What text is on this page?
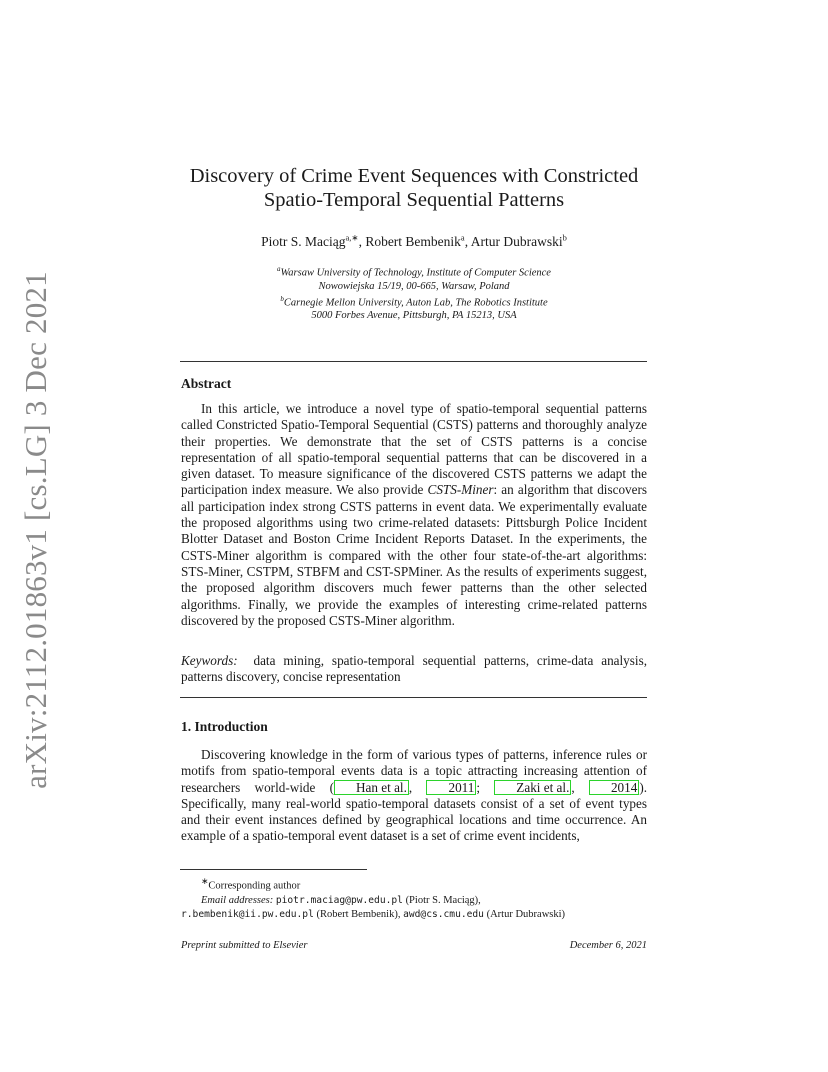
arXiv:2112.01863v1 [cs.LG] 3 Dec 2021
Discovery of Crime Event Sequences with Constricted
Spatio-Temporal Sequential Patterns
Piotr S. Maciąg$^{a,∗}$, Robert Bembenik$^a$, Artur Dubrawski$^b$
$^a$Warsaw University of Technology, Institute of Computer Science
Nowowiejska 15/19, 00-665, Warsaw, Poland
$^b$Carnegie Mellon University, Auton Lab, The Robotics Institute
5000 Forbes Avenue, Pittsburgh, PA 15213, USA
Abstract
In this article, we introduce a novel type of spatio-temporal sequential patterns called Constricted Spatio-Temporal Sequential (CSTS) patterns and thoroughly analyze their properties. We demonstrate that the set of CSTS patterns is a concise representation of all spatio-temporal sequential patterns that can be discovered in a given dataset. To measure significance of the discovered CSTS patterns we adapt the participation index measure. We also provide CSTS-Miner: an algorithm that discovers all participation index strong CSTS patterns in event data. We experimentally evaluate the proposed algorithms using two crime-related datasets: Pittsburgh Police Incident Blotter Dataset and Boston Crime Incident Reports Dataset. In the experiments, the CSTS-Miner algorithm is compared with the other four state-of-the-art algorithms: STS-Miner, CSTPM, STBFM and CST-SPMiner. As the results of experiments suggest, the proposed algorithm discovers much fewer patterns than the other selected algorithms. Finally, we provide the examples of interesting crime-related patterns discovered by the proposed CSTS-Miner algorithm.
Keywords: data mining, spatio-temporal sequential patterns, crime-data analysis, patterns discovery, concise representation
1. Introduction
Discovering knowledge in the form of various types of patterns, inference rules or motifs from spatio-temporal events data is a topic attracting increasing attention of researchers world-wide ( Han et al. , 2011 ; Zaki et al. , 2014 ). Specifically, many real-world spatio-temporal datasets consist of a set of event types and their event instances defined by geographical locations and time occurrence. An example of a spatio-temporal event dataset is a set of crime event incidents,
∗Corresponding author
Email addresses: piotr.maciag@pw.edu.pl (Piotr S. Maciąg),
r.bembenik@ii.pw.edu.pl (Robert Bembenik), awd@cs.cmu.edu (Artur Dubrawski)
Preprint submitted to Elsevier	December 6, 2021
